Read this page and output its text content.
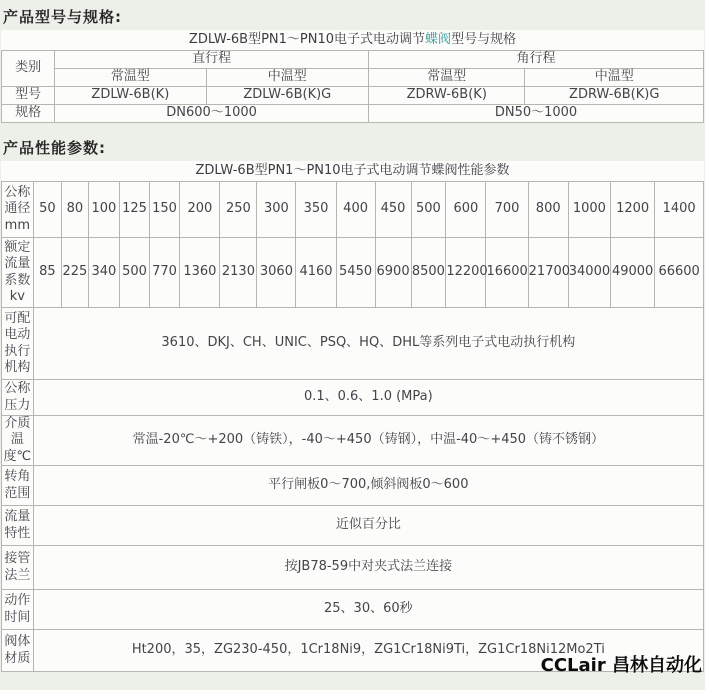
产品型号与规格:
ZDLW-6B型PN1～PN10电子式电动调节蝶阀型号与规格
类别	直行程		角行程	
	常温型	中温型	常温型	中温型
型号	ZDLW-6B(K)	ZDLW-6B(K)G	ZDRW-6B(K)	ZDRW-6B(K)G
规格	DN600～1000		DN50～1000	
产品性能参数:
ZDLW-6B型PN1～PN10电子式电动调节蝶阀性能参数
公称通径mm	50	80	100	125	150	200	250	300	350	400	450	500	600	700	800	1000	1200	1400
额定流量系数kv	85	225	340	500	770	1360	2130	3060	4160	5450	6900	8500	12200	16600	21700	34000	49000	66600
可配电动执行机构	3610、DKJ、CH、UNIC、PSQ、HQ、DHL等系列电子式电动执行机构																	
公称压力	0.1、0.6、1.0 (MPa)																	
介质温度℃	常温-20℃～+200（铸铁），-40～+450（铸钢），中温-40～+450（铸不锈钢）																	
转角范围	平行闸板0～700,倾斜阀板0～600																	
流量特性	近似百分比																	
接管法兰	按JB78-59中对夹式法兰连接																	
动作时间	25、30、60秒																	
阀体材质	Ht200，35，ZG230-450，1Cr18Ni9，ZG1Cr18Ni9Ti，ZG1Cr18Ni12Mo2Ti																	
CCLair 昌林自动化
